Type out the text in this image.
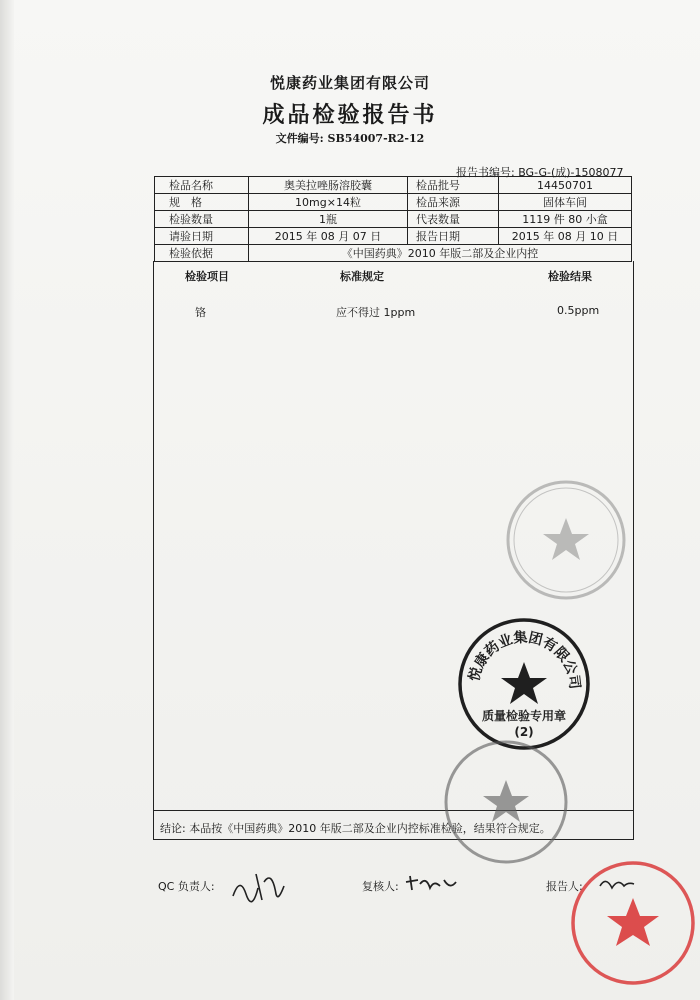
悦康药业集团有限公司
成品检验报告书
文件编号: SB54007-R2-12
报告书编号: BG-G-(成)-1508077
检品名称	奥美拉唑肠溶胶囊	检品批号	14450701
规　格	10mg×14粒	检品来源	固体车间
检验数量	1瓶	代表数量	1119 件 80 小盒
请验日期	2015 年 08 月 07 日	报告日期	2015 年 08 月 10 日
检验依据	《中国药典》2010 年版二部及企业内控		
检验项目	标准规定	检验结果
铬	应不得过 1ppm	0.5ppm
结论: 本品按《中国药典》2010 年版二部及企业内控标准检验，结果符合规定。
QC 负责人:	复核人:	报告人:
悦康药业集团有限公司
质量检验专用章
(2)
